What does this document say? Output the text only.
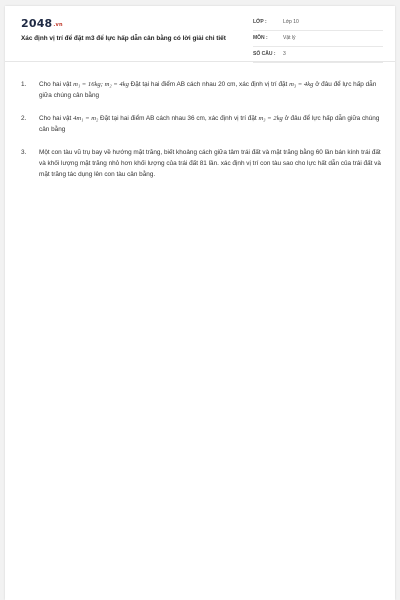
$2048^{.vn}$
Xác định vị trí để đặt m3 để lực hấp dẫn cân bằng có lời giải chi tiết
LỚP :	Lớp 10
MÔN :	Vật lý
SỐ CÂU : 3
1. Cho hai vật m₁ = 16kg; m₂ = 4kg Đặt tại hai điểm AB cách nhau 20 cm, xác định vị trí đặt m₃ = 4kg ở đâu để lực hấp dẫn giữa chúng cân bằng
2. Cho hai vật 4m₁ = m₂ Đặt tại hai điểm AB cách nhau 36 cm, xác định vị trí đặt m₃ = 2kg ở đâu để lực hấp dẫn giữa chúng cân bằng
3. Một con tàu vũ trụ bay về hướng mặt trăng, biết khoảng cách giữa tâm trái đất và mặt trăng bằng 60 lần bán kính trái đất và khối lượng mặt trăng nhỏ hơn khối lượng của trái đất 81 lần. xác định vị trí con tàu sao cho lực hất dẫn của trái đất và mặt trăng tác dụng lên con tàu cân bằng.
